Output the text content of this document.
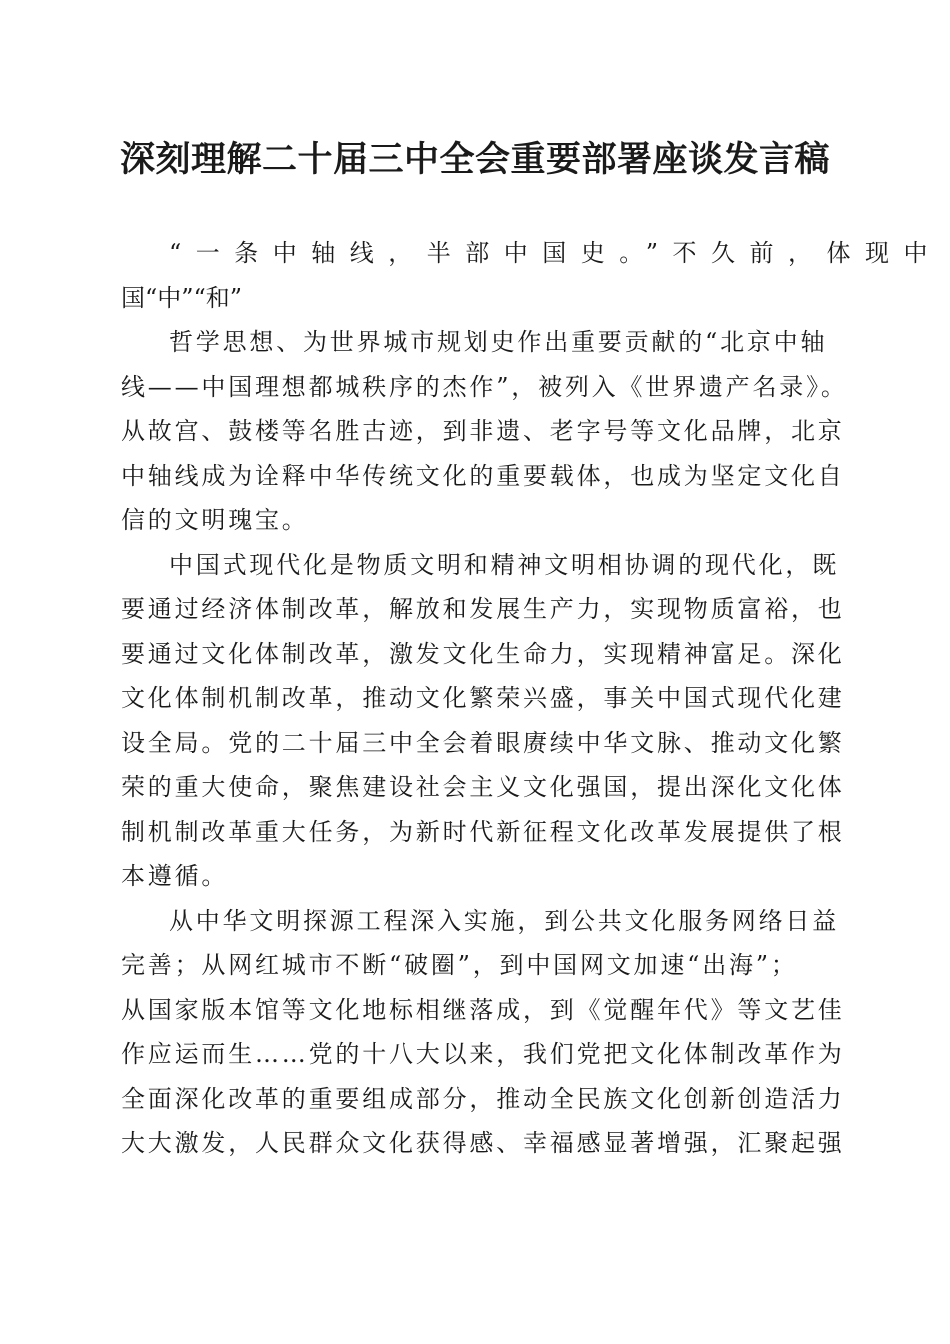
深刻理解二十届三中全会重要部署座谈发言稿
“一条中轴线，半部中国史。”不久前，体现中
国“中”“和”
哲学思想、为世界城市规划史作出重要贡献的“北京中轴
线——中国理想都城秩序的杰作”，被列入《世界遗产名录》。
从故宫、鼓楼等名胜古迹，到非遗、老字号等文化品牌，北京
中轴线成为诠释中华传统文化的重要载体，也成为坚定文化自
信的文明瑰宝。
中国式现代化是物质文明和精神文明相协调的现代化，既
要通过经济体制改革，解放和发展生产力，实现物质富裕，也
要通过文化体制改革，激发文化生命力，实现精神富足。深化
文化体制机制改革，推动文化繁荣兴盛，事关中国式现代化建
设全局。党的二十届三中全会着眼赓续中华文脉、推动文化繁
荣的重大使命，聚焦建设社会主义文化强国，提出深化文化体
制机制改革重大任务，为新时代新征程文化改革发展提供了根
本遵循。
从中华文明探源工程深入实施，到公共文化服务网络日益
完善；从网红城市不断“破圈”，到中国网文加速“出海”；
从国家版本馆等文化地标相继落成，到《觉醒年代》等文艺佳
作应运而生……党的十八大以来，我们党把文化体制改革作为
全面深化改革的重要组成部分，推动全民族文化创新创造活力
大大激发，人民群众文化获得感、幸福感显著增强，汇聚起强
